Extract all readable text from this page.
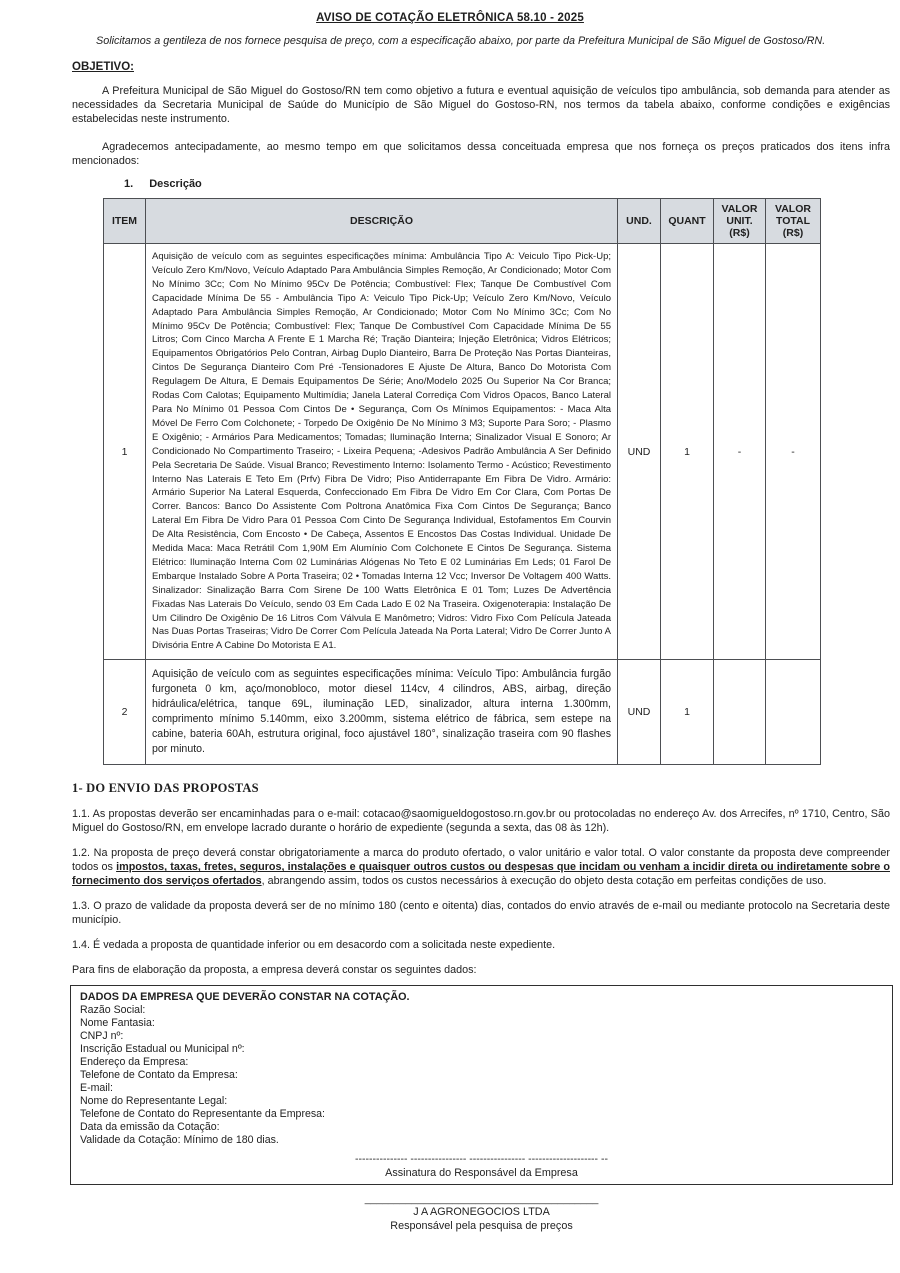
AVISO DE COTAÇÃO ELETRÔNICA 58.10 - 2025

Solicitamos a gentileza de nos fornece pesquisa de preço, com a especificação abaixo, por parte da Prefeitura Municipal de São Miguel de Gostoso/RN.

OBJETIVO:

A Prefeitura Municipal de São Miguel do Gostoso/RN tem como objetivo a futura e eventual aquisição de veículos tipo ambulância, sob demanda para atender as necessidades da Secretaria Municipal de Saúde do Município de São Miguel do Gostoso-RN, nos termos da tabela abaixo, conforme condições e exigências estabelecidas neste instrumento.

Agradecemos antecipadamente, ao mesmo tempo em que solicitamos dessa conceituada empresa que nos forneça os preços praticados dos itens infra mencionados:

1. Descrição
ITEM	DESCRIÇÃO	UND.	QUANT	VALOR UNIT. (R$)	VALOR TOTAL (R$)
1	Aquisição de veículo com as seguintes especificações mínima: Ambulância Tipo A: Veiculo Tipo Pick-Up; Veículo Zero Km/Novo, Veículo Adaptado Para Ambulância Simples Remoção, Ar Condicionado; Motor Com No Mínimo 3Cc; Com No Mínimo 95Cv De Potência; Combustível: Flex; Tanque De Combustível Com Capacidade Mínima De 55 - Ambulância Tipo A: Veiculo Tipo Pick-Up; Veículo Zero Km/Novo, Veículo Adaptado Para Ambulância Simples Remoção, Ar Condicionado; Motor Com No Mínimo 3Cc; Com No Mínimo 95Cv De Potência; Combustível: Flex; Tanque De Combustível Com Capacidade Mínima De 55 Litros; Com Cinco Marcha A Frente E 1 Marcha Ré; Tração Dianteira; Injeção Eletrônica; Vidros Elétricos; Equipamentos Obrigatórios Pelo Contran, Airbag Duplo Dianteiro, Barra De Proteção Nas Portas Dianteiras, Cintos De Segurança Dianteiro Com Pré -Tensionadores E Ajuste De Altura, Banco Do Motorista Com Regulagem De Altura, E Demais Equipamentos De Série; Ano/Modelo 2025 Ou Superior Na Cor Branca; Rodas Com Calotas; Equipamento Multimídia; Janela Lateral Corrediça Com Vidros Opacos, Banco Lateral Para No Mínimo 01 Pessoa Com Cintos De • Segurança, Com Os Mínimos Equipamentos: - Maca Alta Móvel De Ferro Com Colchonete; - Torpedo De Oxigênio De No Mínimo 3 M3; Suporte Para Soro; - Plasmo E Oxigênio; - Armários Para Medicamentos; Tomadas; Iluminação Interna; Sinalizador Visual E Sonoro; Ar Condicionado No Compartimento Traseiro; - Lixeira Pequena; -Adesivos Padrão Ambulância A Ser Definido Pela Secretaria De Saúde. Visual Branco; Revestimento Interno: Isolamento Termo - Acústico; Revestimento Interno Nas Laterais E Teto Em (Prfv) Fibra De Vidro; Piso Antiderrapante Em Fibra De Vidro. Armário: Armário Superior Na Lateral Esquerda, Confeccionado Em Fibra De Vidro Em Cor Clara, Com Portas De Correr. Bancos: Banco Do Assistente Com Poltrona Anatômica Fixa Com Cintos De Segurança; Banco Lateral Em Fibra De Vidro Para 01 Pessoa Com Cinto De Segurança Individual, Estofamentos Em Courvin De Alta Resistência, Com Encosto • De Cabeça, Assentos E Encostos Das Costas Individual. Unidade De Medida Maca: Maca Retrátil Com 1,90M Em Alumínio Com Colchonete E Cintos De Segurança. Sistema Elétrico: Iluminação Interna Com 02 Luminárias Alógenas No Teto E 02 Luminárias Em Leds; 01 Farol De Embarque Instalado Sobre A Porta Traseira; 02 • Tomadas Interna 12 Vcc; Inversor De Voltagem 400 Watts. Sinalizador: Sinalização Barra Com Sirene De 100 Watts Eletrônica E 01 Tom; Luzes De Advertência Fixadas Nas Laterais Do Veículo, sendo 03 Em Cada Lado E 02 Na Traseira. Oxigenoterapia: Instalação De Um Cilindro De Oxigênio De 16 Litros Com Válvula E Manômetro; Vidros: Vidro Fixo Com Película Jateada Nas Duas Portas Traseiras; Vidro De Correr Com Película Jateada Na Porta Lateral; Vidro De Correr Junto A Divisória Entre A Cabine Do Motorista E A1.	UND	1	-	-
2	Aquisição de veículo com as seguintes especificações mínima: Veículo Tipo: Ambulância furgão furgoneta 0 km, aço/monobloco, motor diesel 114cv, 4 cilindros, ABS, airbag, direção hidráulica/elétrica, tanque 69L, iluminação LED, sinalizador, altura interna 1.300mm, comprimento mínimo 5.140mm, eixo 3.200mm, sistema elétrico de fábrica, sem estepe na cabine, bateria 60Ah, estrutura original, foco ajustável 180°, sinalização traseira com 90 flashes por minuto.	UND	1		
1- DO ENVIO DAS PROPOSTAS

1.1. As propostas deverão ser encaminhadas para o e-mail: cotacao@saomigueldogostoso.rn.gov.br ou protocoladas no endereço Av. dos Arrecifes, nº 1710, Centro, São Miguel do Gostoso/RN, em envelope lacrado durante o horário de expediente (segunda a sexta, das 08 às 12h).

1.2. Na proposta de preço deverá constar obrigatoriamente a marca do produto ofertado, o valor unitário e valor total. O valor constante da proposta deve compreender todos os impostos, taxas, fretes, seguros, instalações e quaisquer outros custos ou despesas que incidam ou venham a incidir direta ou indiretamente sobre o fornecimento dos serviços ofertados, abrangendo assim, todos os custos necessários à execução do objeto desta cotação em perfeitas condições de uso.

1.3. O prazo de validade da proposta deverá ser de no mínimo 180 (cento e oitenta) dias, contados do envio através de e-mail ou mediante protocolo na Secretaria deste município.

1.4. É vedada a proposta de quantidade inferior ou em desacordo com a solicitada neste expediente.

Para fins de elaboração da proposta, a empresa deverá constar os seguintes dados:

DADOS DA EMPRESA QUE DEVERÃO CONSTAR NA COTAÇÃO.
Razão Social:
Nome Fantasia:
CNPJ nº:
Inscrição Estadual ou Municipal nº:
Endereço da Empresa:
Telefone de Contato da Empresa:
E-mail:
Nome do Representante Legal:
Telefone de Contato do Representante da Empresa:
Data da emissão da Cotação:
Validade da Cotação: Mínimo de 180 dias.
--------------- ---------------- ---------------- -------------------- --
Assinatura do Responsável da Empresa
________________________________________
J A AGRONEGOCIOS LTDA
Responsável pela pesquisa de preços
